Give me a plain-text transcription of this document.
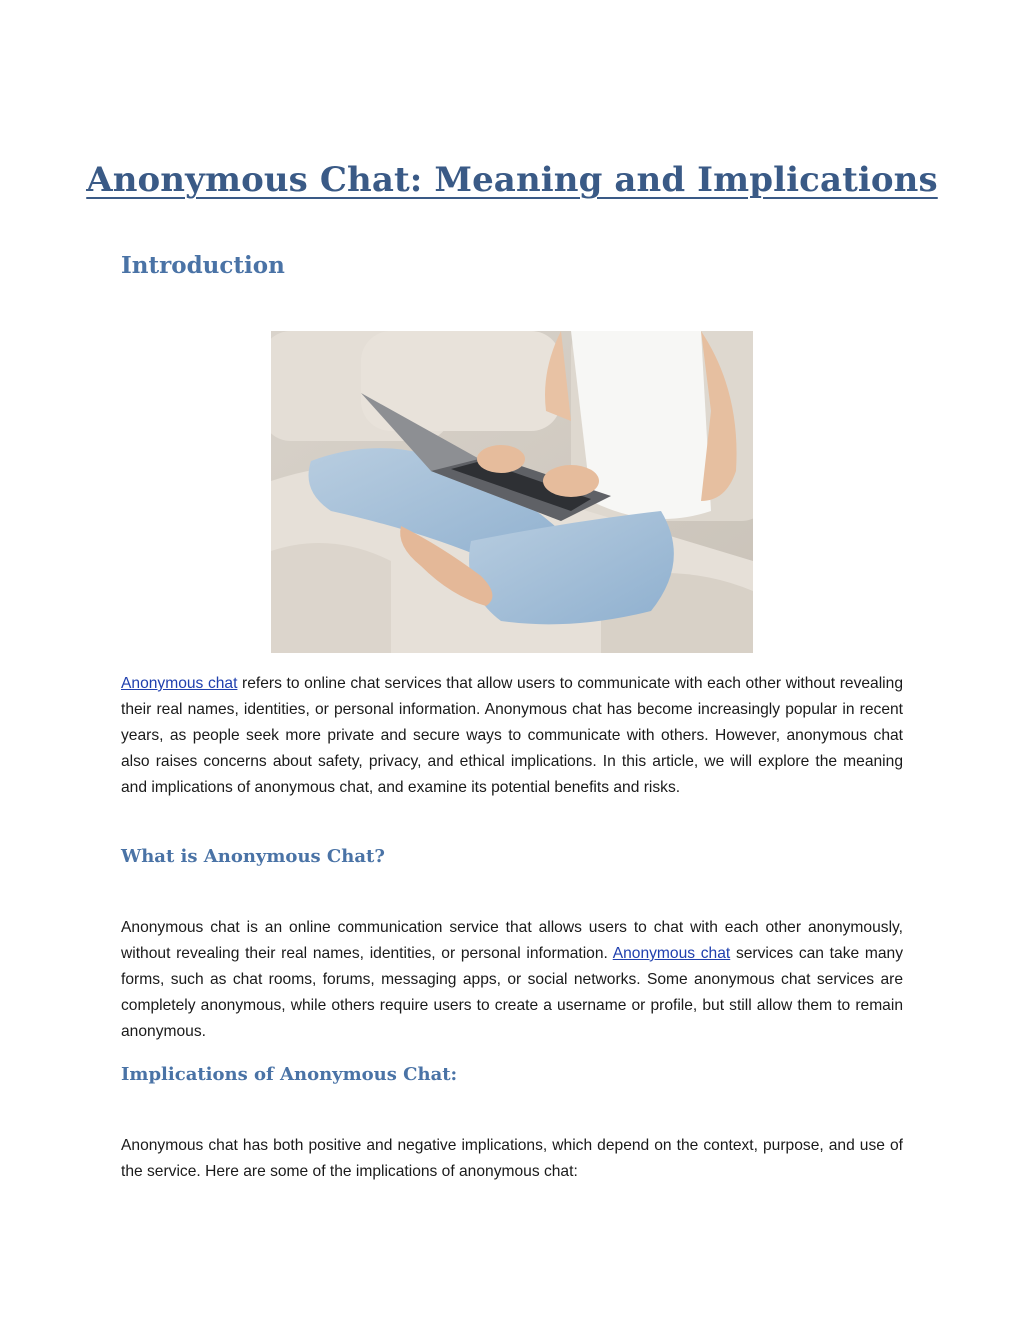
Anonymous Chat: Meaning and Implications
Introduction

Anonymous chat refers to online chat services that allow users to communicate with each other without revealing their real names, identities, or personal information. Anonymous chat has become increasingly popular in recent years, as people seek more private and secure ways to communicate with others. However, anonymous chat also raises concerns about safety, privacy, and ethical implications. In this article, we will explore the meaning and implications of anonymous chat, and examine its potential benefits and risks.

What is Anonymous Chat?

Anonymous chat is an online communication service that allows users to chat with each other anonymously, without revealing their real names, identities, or personal information. Anonymous chat services can take many forms, such as chat rooms, forums, messaging apps, or social networks. Some anonymous chat services are completely anonymous, while others require users to create a username or profile, but still allow them to remain anonymous.

Implications of Anonymous Chat:

Anonymous chat has both positive and negative implications, which depend on the context, purpose, and use of the service. Here are some of the implications of anonymous chat:
